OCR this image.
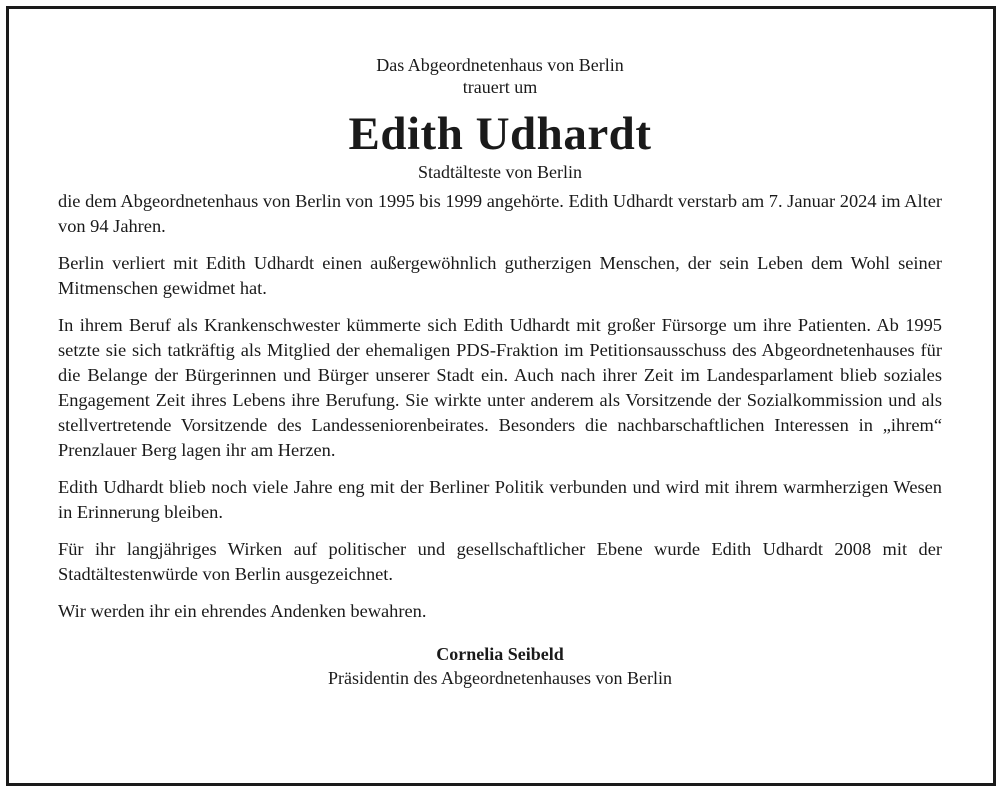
Das Abgeordnetenhaus von Berlin
trauert um
Edith Udhardt
Stadtälteste von Berlin

die dem Abgeordnetenhaus von Berlin von 1995 bis 1999 angehörte. Edith Udhardt verstarb am 7. Januar 2024 im Alter von 94 Jahren.

Berlin verliert mit Edith Udhardt einen außergewöhnlich gutherzigen Menschen, der sein Leben dem Wohl seiner Mitmenschen gewidmet hat.

In ihrem Beruf als Krankenschwester kümmerte sich Edith Udhardt mit großer Fürsorge um ihre Patienten. Ab 1995 setzte sie sich tatkräftig als Mitglied der ehemaligen PDS-Fraktion im Petitionsausschuss des Abgeordnetenhauses für die Belange der Bürgerinnen und Bürger unserer Stadt ein. Auch nach ihrer Zeit im Landesparlament blieb soziales Engagement Zeit ihres Lebens ihre Berufung. Sie wirkte unter anderem als Vorsitzende der Sozialkommission und als stellvertretende Vorsitzende des Landesseniorenbeirates. Besonders die nachbarschaftlichen Interessen in „ihrem“ Prenzlauer Berg lagen ihr am Herzen.

Edith Udhardt blieb noch viele Jahre eng mit der Berliner Politik verbunden und wird mit ihrem warmherzigen Wesen in Erinnerung bleiben.

Für ihr langjähriges Wirken auf politischer und gesellschaftlicher Ebene wurde Edith Udhardt 2008 mit der Stadtältestenwürde von Berlin ausgezeichnet.

Wir werden ihr ein ehrendes Andenken bewahren.

Cornelia Seibeld
Präsidentin des Abgeordnetenhauses von Berlin
